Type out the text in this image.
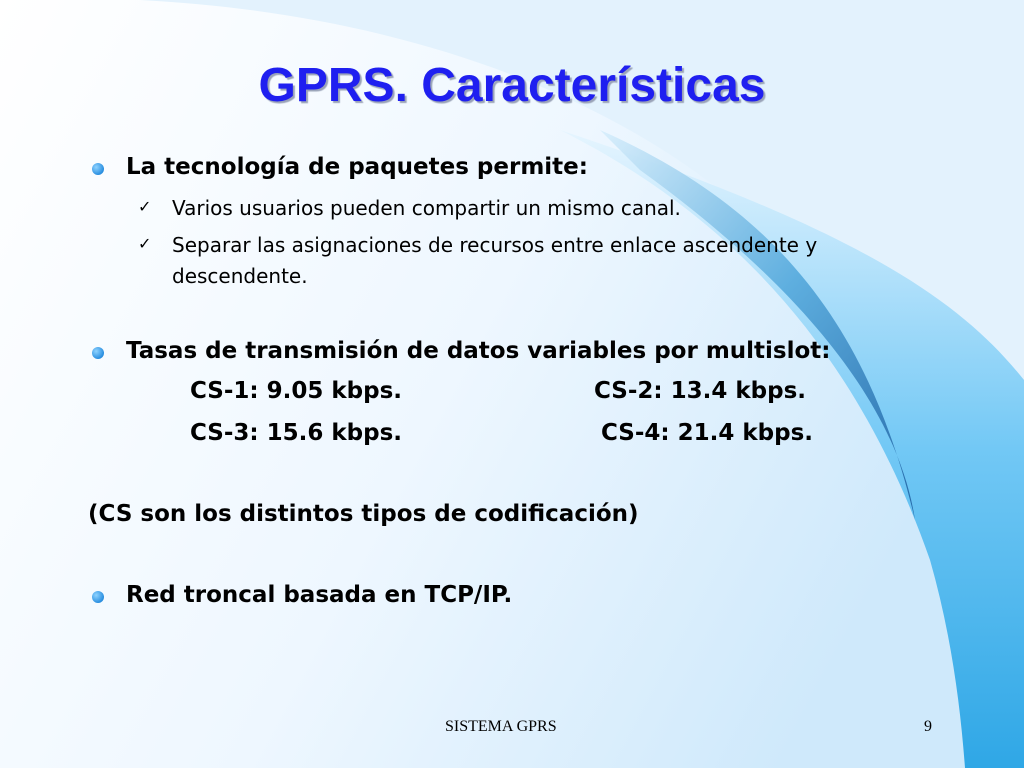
GPRS. Características
La tecnología de paquetes permite:
✓ Varios usuarios pueden compartir un mismo canal.
✓ Separar las asignaciones de recursos entre enlace ascendente y descendente.
Tasas de transmisión de datos variables por multislot:
CS-1: 9.05 kbps.	CS-2: 13.4 kbps.
CS-3: 15.6 kbps.	CS-4: 21.4 kbps.
(CS son los distintos tipos de codificación)
Red troncal basada en TCP/IP.
SISTEMA GPRS	9
